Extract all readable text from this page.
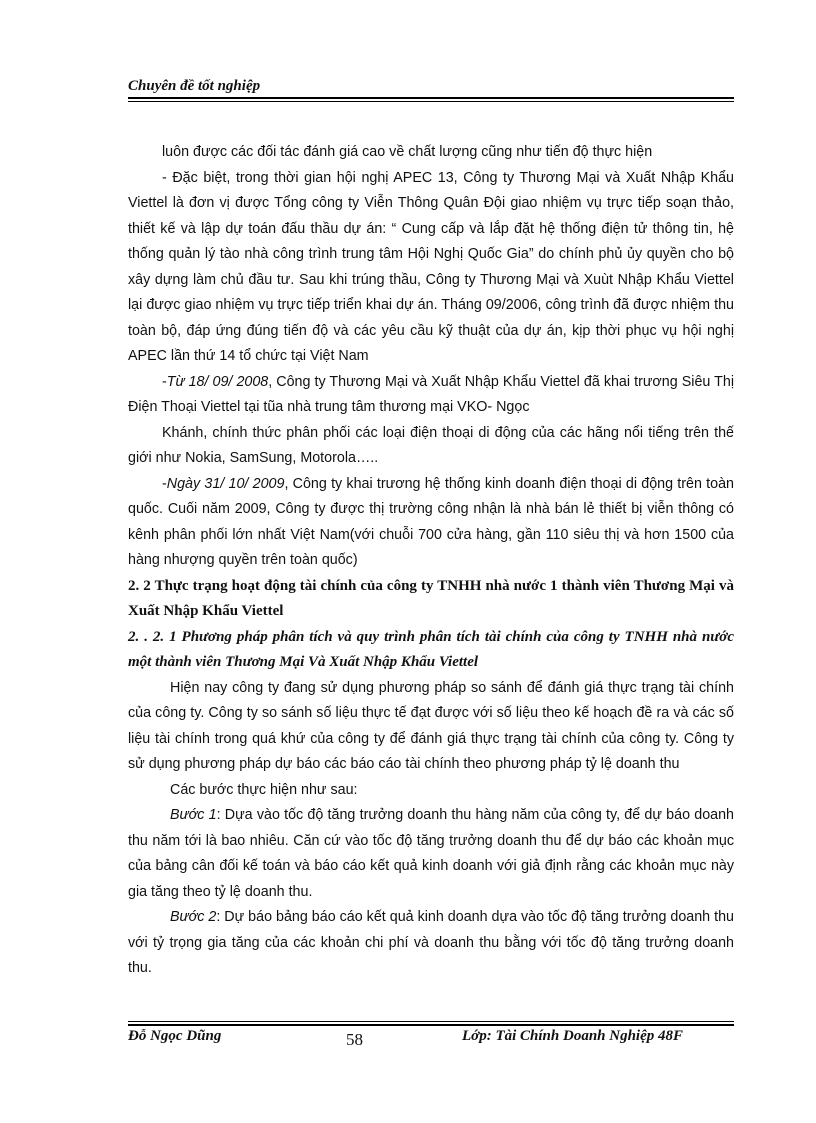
Chuyên đề tốt nghiệp

luôn được các đối tác đánh giá cao về chất lượng cũng như tiến độ thực hiện

- Đặc biệt, trong thời gian hội nghị APEC 13, Công ty Thương Mại và Xuất Nhập Khẩu Viettel là đơn vị được Tổng công ty Viễn Thông Quân Đội giao nhiệm vụ trực tiếp soạn thảo, thiết kế và lập dự toán đấu thầu dự án: “ Cung cấp và lắp đặt hệ thống điện tử thông tin, hệ thống quản lý tào nhà công trình trung tâm Hội Nghị Quốc Gia” do chính phủ ủy quyền cho bộ xây dựng làm chủ đầu tư. Sau khi trúng thầu, Công ty Thương Mại và Xuùt Nhập Khẩu Viettel lại được giao nhiệm vụ trực tiếp triển khai dự án. Tháng 09/2006, công trình đã được nhiệm thu toàn bộ, đáp ứng đúng tiến độ và các yêu cầu kỹ thuật của dự án, kịp thời phục vụ hội nghị APEC lần thứ 14 tổ chức tại Việt Nam

-Từ 18/ 09/ 2008, Công ty Thương Mại và Xuất Nhập Khẩu Viettel đã khai trương Siêu Thị Điện Thoại Viettel tại tũa nhà trung tâm thương mại VKO- Ngọc

Khánh, chính thức phân phối các loại điện thoại di động của các hãng nổi tiếng trên thế giới như Nokia, SamSung, Motorola…..

-Ngày 31/ 10/ 2009, Công ty khai trương hệ thống kinh doanh điện thoại di động trên toàn quốc. Cuối năm 2009, Công ty được thị trường công nhận là nhà bán lẻ thiết bị viễn thông có kênh phân phối lớn nhất Việt Nam(với chuỗi 700 cửa hàng, gần 110 siêu thị và hơn 1500 của hàng nhượng quyền trên toàn quốc)

2. 2 Thực trạng hoạt động tài chính của công ty TNHH nhà nước 1 thành viên Thương Mại và Xuất Nhập Khẩu Viettel

2. . 2. 1 Phương pháp phân tích và quy trình phân tích tài chính của công ty TNHH nhà nước một thành viên Thương Mại Và Xuất Nhập Khẩu Viettel

Hiện nay công ty đang sử dụng phương pháp so sánh để đánh giá thực trạng tài chính của công ty. Công ty so sánh số liệu thực tế đạt được với số liệu theo kế hoạch đề ra và các số liệu tài chính trong quá khứ của công ty để đánh giá thực trạng tài chính của công ty. Công ty sử dụng phương pháp dự báo các báo cáo tài chính theo phương pháp tỷ lệ doanh thu

Các bước thực hiện như sau:

Bước 1: Dựa vào tốc độ tăng trưởng doanh thu hàng năm của công ty, để dự báo doanh thu năm tới là bao nhiêu. Căn cứ vào tốc độ tăng trưởng doanh thu để dự báo các khoản mục của bảng cân đối kế toán và báo cáo kết quả kinh doanh với giả định rằng các khoản mục này gia tăng theo tỷ lệ doanh thu.

Bước 2: Dự báo bảng báo cáo kết quả kinh doanh dựa vào tốc độ tăng trưởng doanh thu với tỷ trọng gia tăng của các khoản chi phí và doanh thu bằng với tốc độ tăng trưởng doanh thu.

Đỗ Ngọc Dũng	58	Lớp: Tài Chính Doanh Nghiệp 48F
